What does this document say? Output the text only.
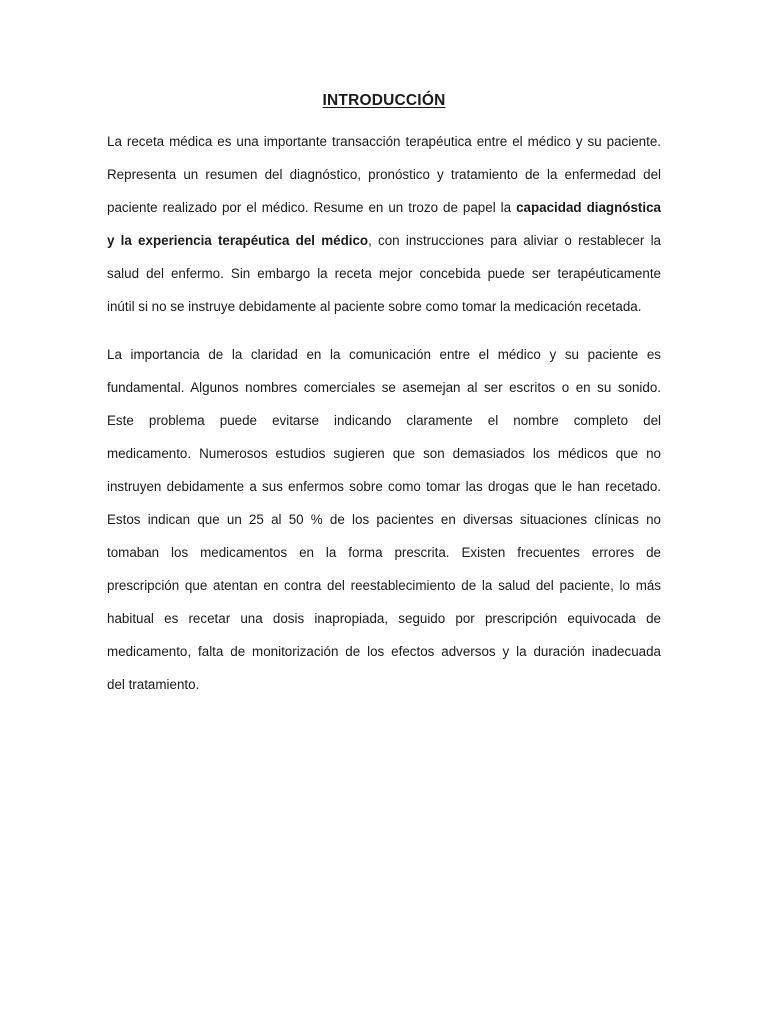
INTRODUCCIÓN
La receta médica es una importante transacción terapéutica entre el médico y su paciente.
Representa un resumen del diagnóstico, pronóstico y tratamiento de la enfermedad del
paciente realizado por el médico. Resume en un trozo de papel la capacidad diagnóstica
y la experiencia terapéutica del médico, con instrucciones para aliviar o restablecer la
salud del enfermo. Sin embargo la receta mejor concebida puede ser terapéuticamente
inútil si no se instruye debidamente al paciente sobre como tomar la medicación recetada.
La importancia de la claridad en la comunicación entre el médico y su paciente es
fundamental. Algunos nombres comerciales se asemejan al ser escritos o en su sonido.
Este problema puede evitarse indicando claramente el nombre completo del
medicamento. Numerosos estudios sugieren que son demasiados los médicos que no
instruyen debidamente a sus enfermos sobre como tomar las drogas que le han recetado.
Estos indican que un 25 al 50 % de los pacientes en diversas situaciones clínicas no
tomaban los medicamentos en la forma prescrita. Existen frecuentes errores de
prescripción que atentan en contra del reestablecimiento de la salud del paciente, lo más
habitual es recetar una dosis inapropiada, seguido por prescripción equivocada de
medicamento, falta de monitorización de los efectos adversos y la duración inadecuada
del tratamiento.
